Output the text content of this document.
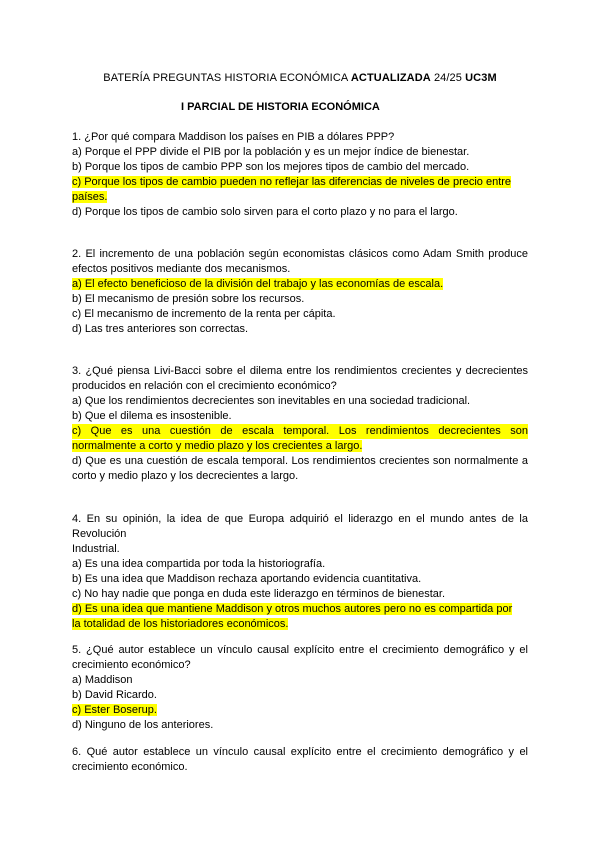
BATERÍA PREGUNTAS HISTORIA ECONÓMICA ACTUALIZADA 24/25 UC3M
I PARCIAL DE HISTORIA ECONÓMICA
1. ¿Por qué compara Maddison los países en PIB a dólares PPP?
a) Porque el PPP divide el PIB por la población y es un mejor índice de bienestar.
b) Porque los tipos de cambio PPP son los mejores tipos de cambio del mercado.
c) Porque los tipos de cambio pueden no reflejar las diferencias de niveles de precio entre
países.
d) Porque los tipos de cambio solo sirven para el corto plazo y no para el largo.
2. El incremento de una población según economistas clásicos como Adam Smith produce
efectos positivos mediante dos mecanismos.
a) El efecto beneficioso de la división del trabajo y las economías de escala.
b) El mecanismo de presión sobre los recursos.
c) El mecanismo de incremento de la renta per cápita.
d) Las tres anteriores son correctas.
3. ¿Qué piensa Livi-Bacci sobre el dilema entre los rendimientos crecientes y decrecientes
producidos en relación con el crecimiento económico?
a) Que los rendimientos decrecientes son inevitables en una sociedad tradicional.
b) Que el dilema es insostenible.
c) Que es una cuestión de escala temporal. Los rendimientos decrecientes son
normalmente a corto y medio plazo y los crecientes a largo.
d) Que es una cuestión de escala temporal. Los rendimientos crecientes son normalmente a
corto y medio plazo y los decrecientes a largo.
4. En su opinión, la idea de que Europa adquirió el liderazgo en el mundo antes de la
Revolución
Industrial.
a) Es una idea compartida por toda la historiografía.
b) Es una idea que Maddison rechaza aportando evidencia cuantitativa.
c) No hay nadie que ponga en duda este liderazgo en términos de bienestar.
d) Es una idea que mantiene Maddison y otros muchos autores pero no es compartida por
la totalidad de los historiadores económicos.
5. ¿Qué autor establece un vínculo causal explícito entre el crecimiento demográfico y el
crecimiento económico?
a) Maddison
b) David Ricardo.
c) Ester Boserup.
d) Ninguno de los anteriores.
6. Qué autor establece un vínculo causal explícito entre el crecimiento demográfico y el
crecimiento económico.
